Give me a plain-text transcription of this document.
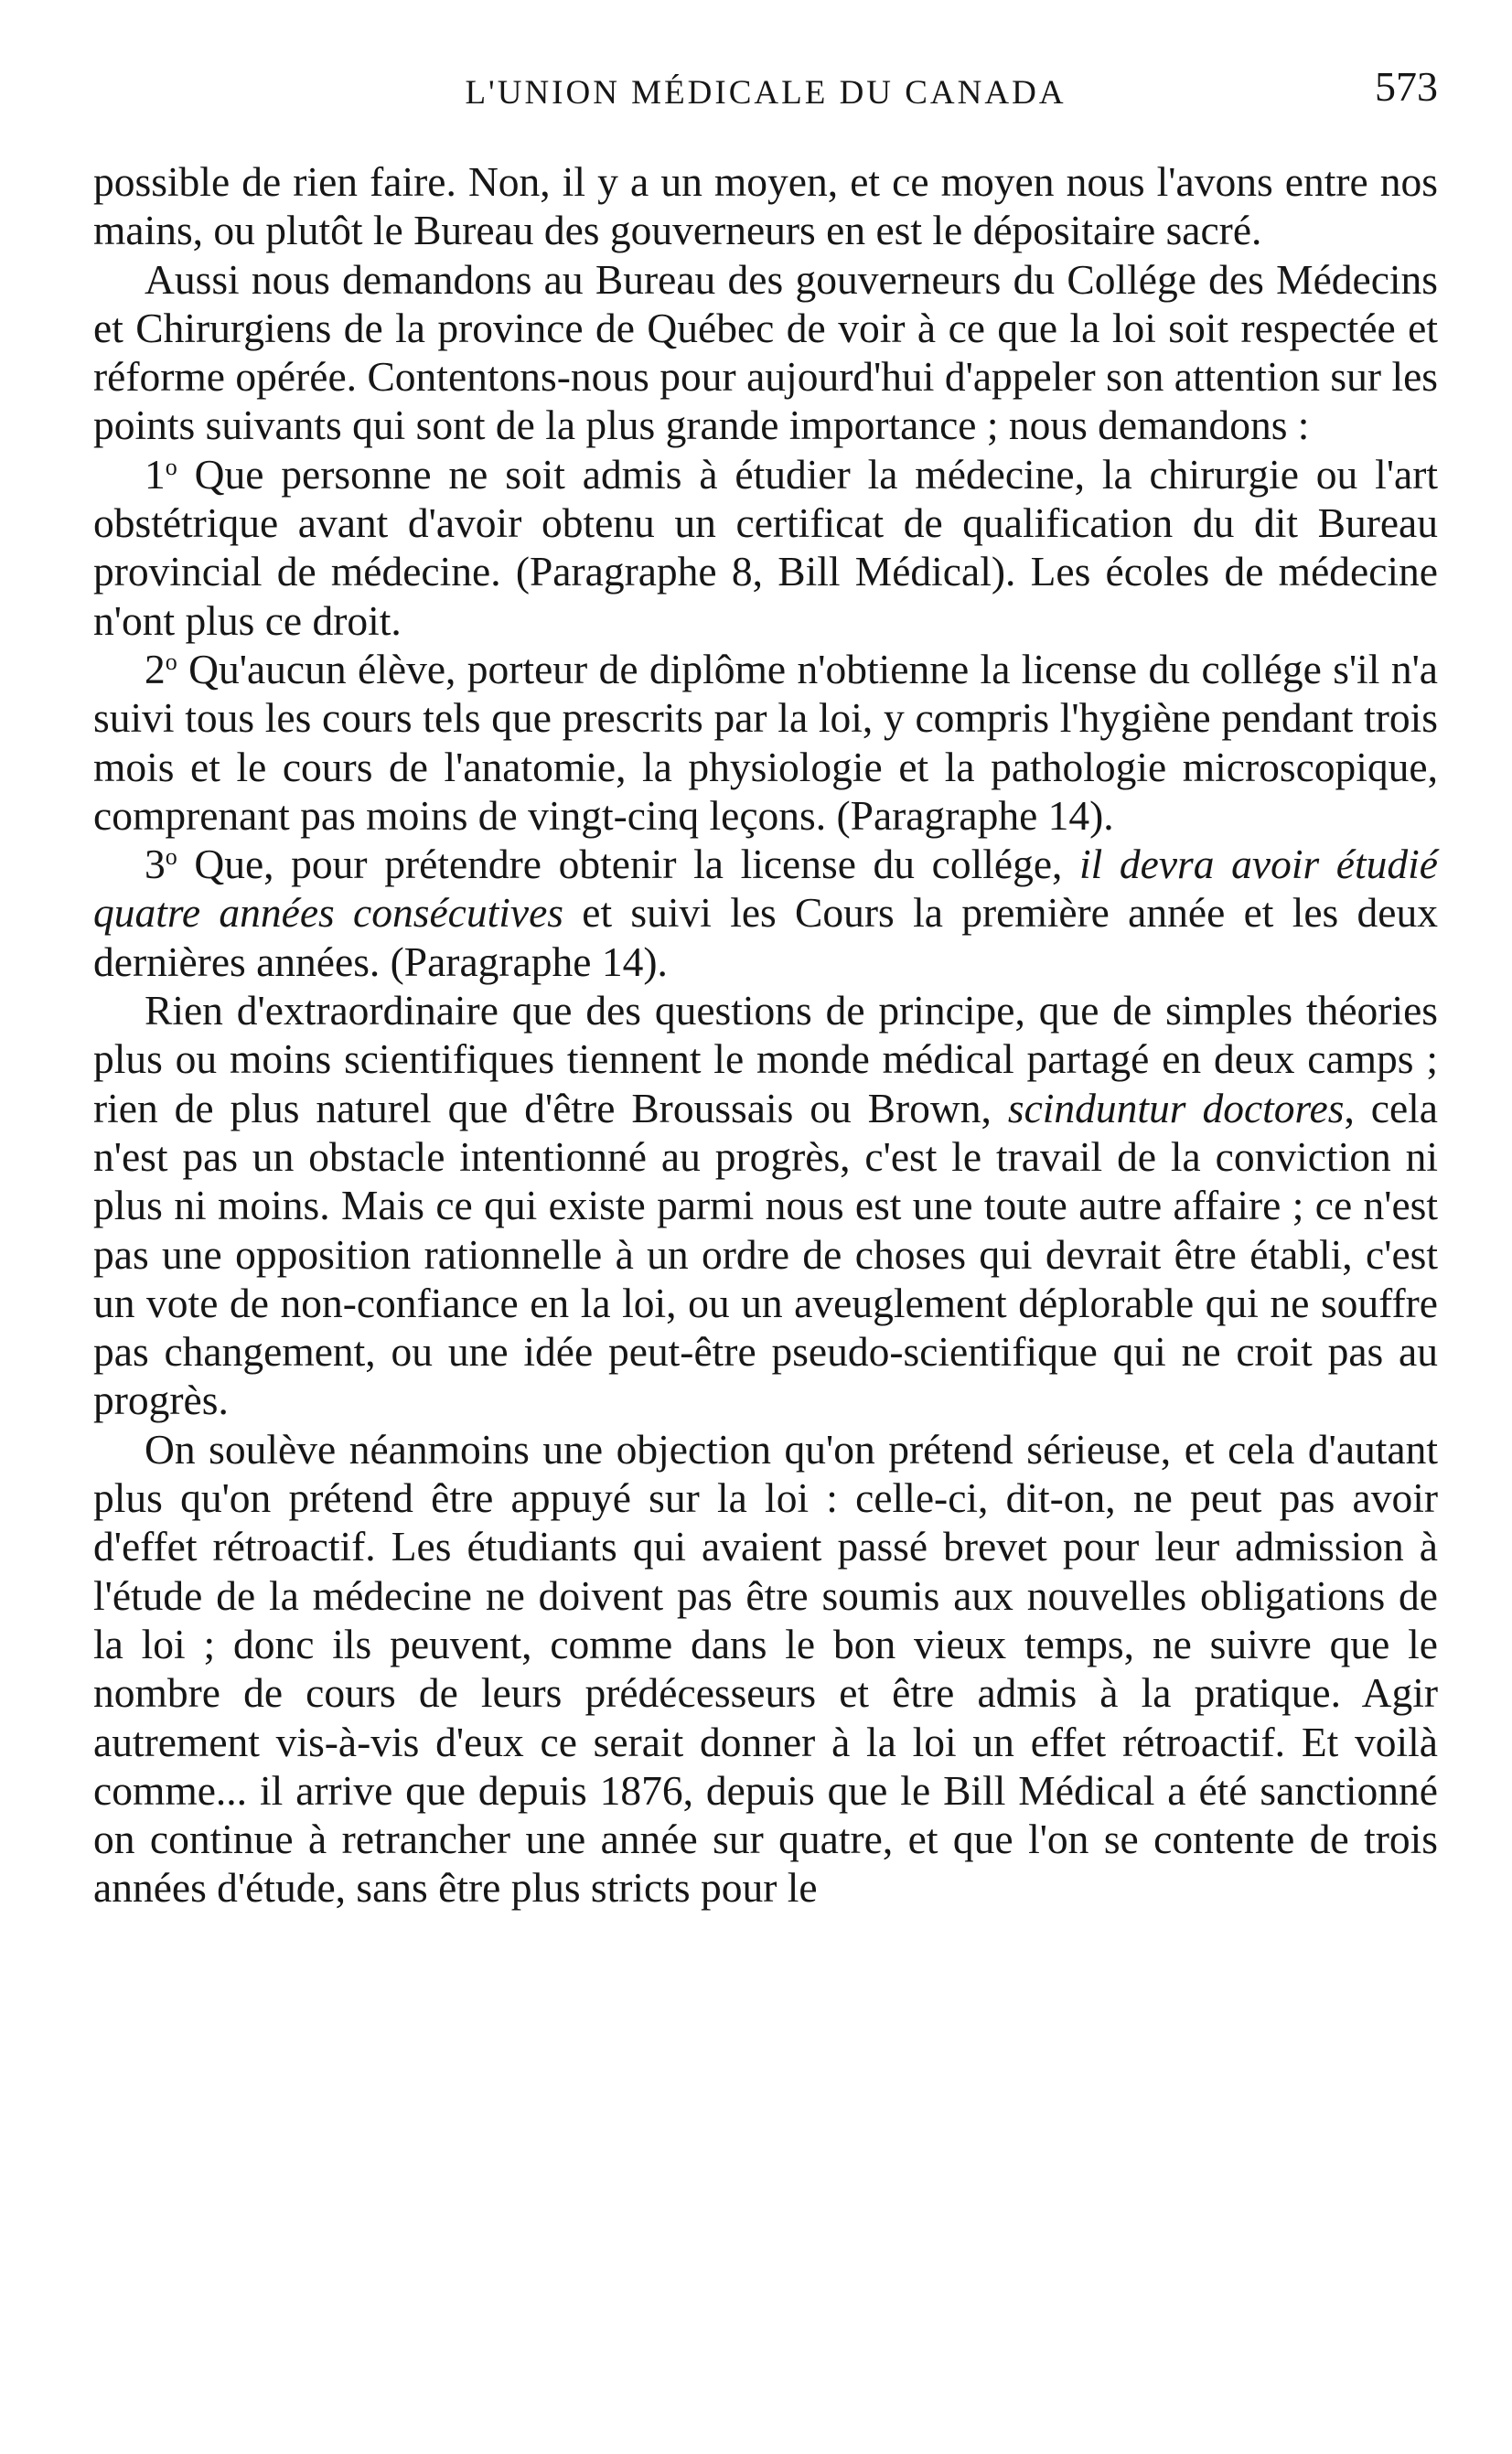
L'UNION MÉDICALE DU CANADA	573

possible de rien faire. Non, il y a un moyen, et ce moyen nous l'avons entre nos mains, ou plutôt le Bureau des gouverneurs en est le dépositaire sacré.

Aussi nous demandons au Bureau des gouverneurs du Collége des Médecins et Chirurgiens de la province de Québec de voir à ce que la loi soit respectée et réforme opérée. Contentons-nous pour aujourd'hui d'appeler son attention sur les points suivants qui sont de la plus grande importance ; nous demandons :

1$^o$ Que personne ne soit admis à étudier la médecine, la chirurgie ou l'art obstétrique avant d'avoir obtenu un certificat de qualification du dit Bureau provincial de médecine. (Paragraphe 8, Bill Médical). Les écoles de médecine n'ont plus ce droit.

2$^o$ Qu'aucun élève, porteur de diplôme n'obtienne la license du collége s'il n'a suivi tous les cours tels que prescrits par la loi, y compris l'hygiène pendant trois mois et le cours de l'anatomie, la physiologie et la pathologie microscopique, comprenant pas moins de vingt-cinq leçons. (Paragraphe 14).

3$^o$ Que, pour prétendre obtenir la license du collége, il devra avoir étudié quatre années consécutives et suivi les Cours la première année et les deux dernières années. (Paragraphe 14).

Rien d'extraordinaire que des questions de principe, que de simples théories plus ou moins scientifiques tiennent le monde médical partagé en deux camps ; rien de plus naturel que d'être Broussais ou Brown, scinduntur doctores, cela n'est pas un obstacle intentionné au progrès, c'est le travail de la conviction ni plus ni moins. Mais ce qui existe parmi nous est une toute autre affaire ; ce n'est pas une opposition rationnelle à un ordre de choses qui devrait être établi, c'est un vote de non-confiance en la loi, ou un aveuglement déplorable qui ne souffre pas changement, ou une idée peut-être pseudo-scientifique qui ne croit pas au progrès.

On soulève néanmoins une objection qu'on prétend sérieuse, et cela d'autant plus qu'on prétend être appuyé sur la loi : celle-ci, dit-on, ne peut pas avoir d'effet rétroactif. Les étudiants qui avaient passé brevet pour leur admission à l'étude de la médecine ne doivent pas être soumis aux nouvelles obligations de la loi ; donc ils peuvent, comme dans le bon vieux temps, ne suivre que le nombre de cours de leurs prédécesseurs et être admis à la pratique. Agir autrement vis-à-vis d'eux ce serait donner à la loi un effet rétroactif. Et voilà comme... il arrive que depuis 1876, depuis que le Bill Médical a été sanctionné on continue à retrancher une année sur quatre, et que l'on se contente de trois années d'étude, sans être plus stricts pour le
